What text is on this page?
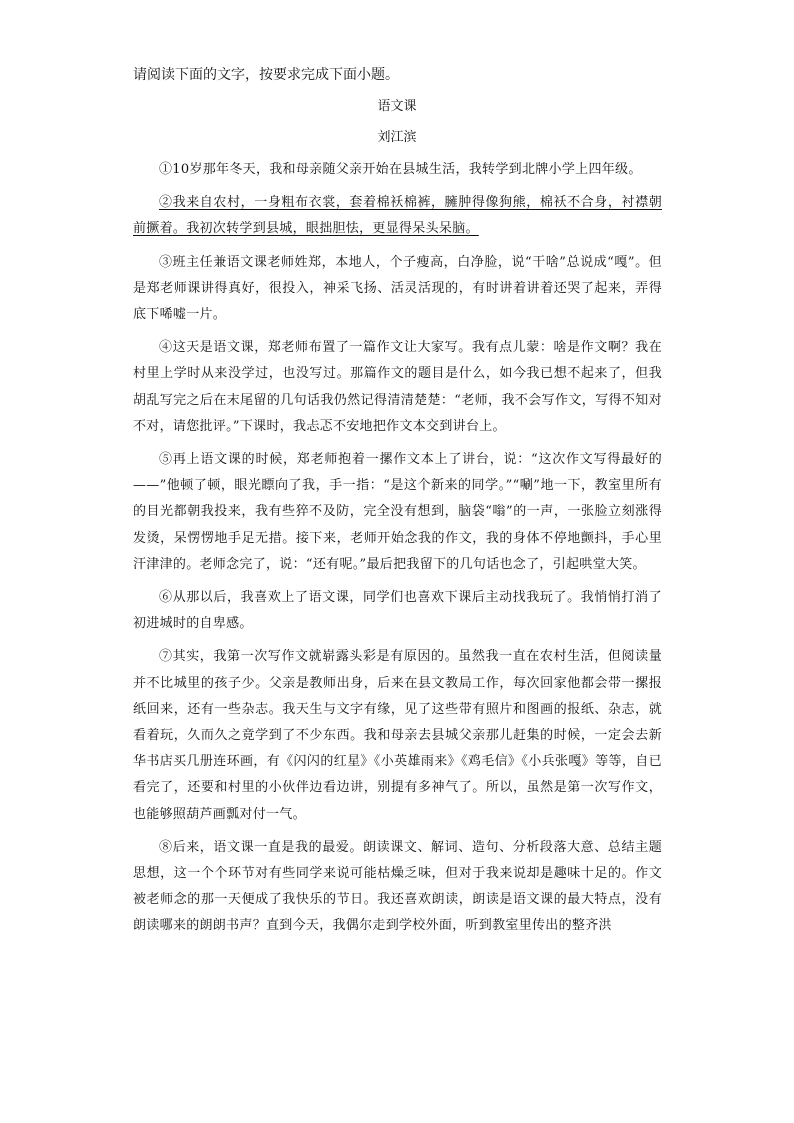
请阅读下面的文字，按要求完成下面小题。
语文课
刘江滨

①10岁那年冬天，我和母亲随父亲开始在县城生活，我转学到北牌小学上四年级。

②我来自农村，一身粗布衣裳，套着棉袄棉裤，臃肿得像狗熊，棉袄不合身，衬襟朝前撅着。我初次转学到县城，眼拙胆怯，更显得呆头呆脑。

③班主任兼语文课老师姓郑，本地人，个子瘦高，白净脸，说“干啥”总说成“嘎”。但是郑老师课讲得真好，很投入，神采飞扬、活灵活现的，有时讲着讲着还哭了起来，弄得底下唏嘘一片。

④这天是语文课，郑老师布置了一篇作文让大家写。我有点儿蒙：啥是作文啊？我在村里上学时从来没学过，也没写过。那篇作文的题目是什么，如今我已想不起来了，但我胡乱写完之后在末尾留的几句话我仍然记得清清楚楚：“老师，我不会写作文，写得不知对不对，请您批评。”下课时，我忐忑不安地把作文本交到讲台上。

⑤再上语文课的时候，郑老师抱着一摞作文本上了讲台，说：“这次作文写得最好的——”他顿了顿，眼光瞟向了我，手一指：“是这个新来的同学。”“唰”地一下，教室里所有的目光都朝我投来，我有些猝不及防，完全没有想到，脑袋“嗡”的一声，一张脸立刻涨得发烫，呆愣愣地手足无措。接下来，老师开始念我的作文，我的身体不停地颤抖，手心里汗津津的。老师念完了，说：“还有呢。”最后把我留下的几句话也念了，引起哄堂大笑。

⑥从那以后，我喜欢上了语文课，同学们也喜欢下课后主动找我玩了。我悄悄打消了初进城时的自卑感。

⑦其实，我第一次写作文就崭露头彩是有原因的。虽然我一直在农村生活，但阅读量并不比城里的孩子少。父亲是教师出身，后来在县文教局工作，每次回家他都会带一摞报纸回来，还有一些杂志。我天生与文字有缘，见了这些带有照片和图画的报纸、杂志，就看着玩，久而久之竟学到了不少东西。我和母亲去县城父亲那儿赶集的时候，一定会去新华书店买几册连环画，有《闪闪的红星》《小英雄雨来》《鸡毛信》《小兵张嘎》等等，自已看完了，还要和村里的小伙伴边看边讲，别提有多神气了。所以，虽然是第一次写作文，也能够照葫芦画瓢对付一气。

⑧后来，语文课一直是我的最爱。朗读课文、解词、造句、分析段落大意、总结主题思想，这一个个环节对有些同学来说可能枯燥乏味，但对于我来说却是趣味十足的。作文被老师念的那一天便成了我快乐的节日。我还喜欢朗读，朗读是语文课的最大特点，没有朗读哪来的朗朗书声？直到今天，我偶尔走到学校外面，听到教室里传出的整齐洪
